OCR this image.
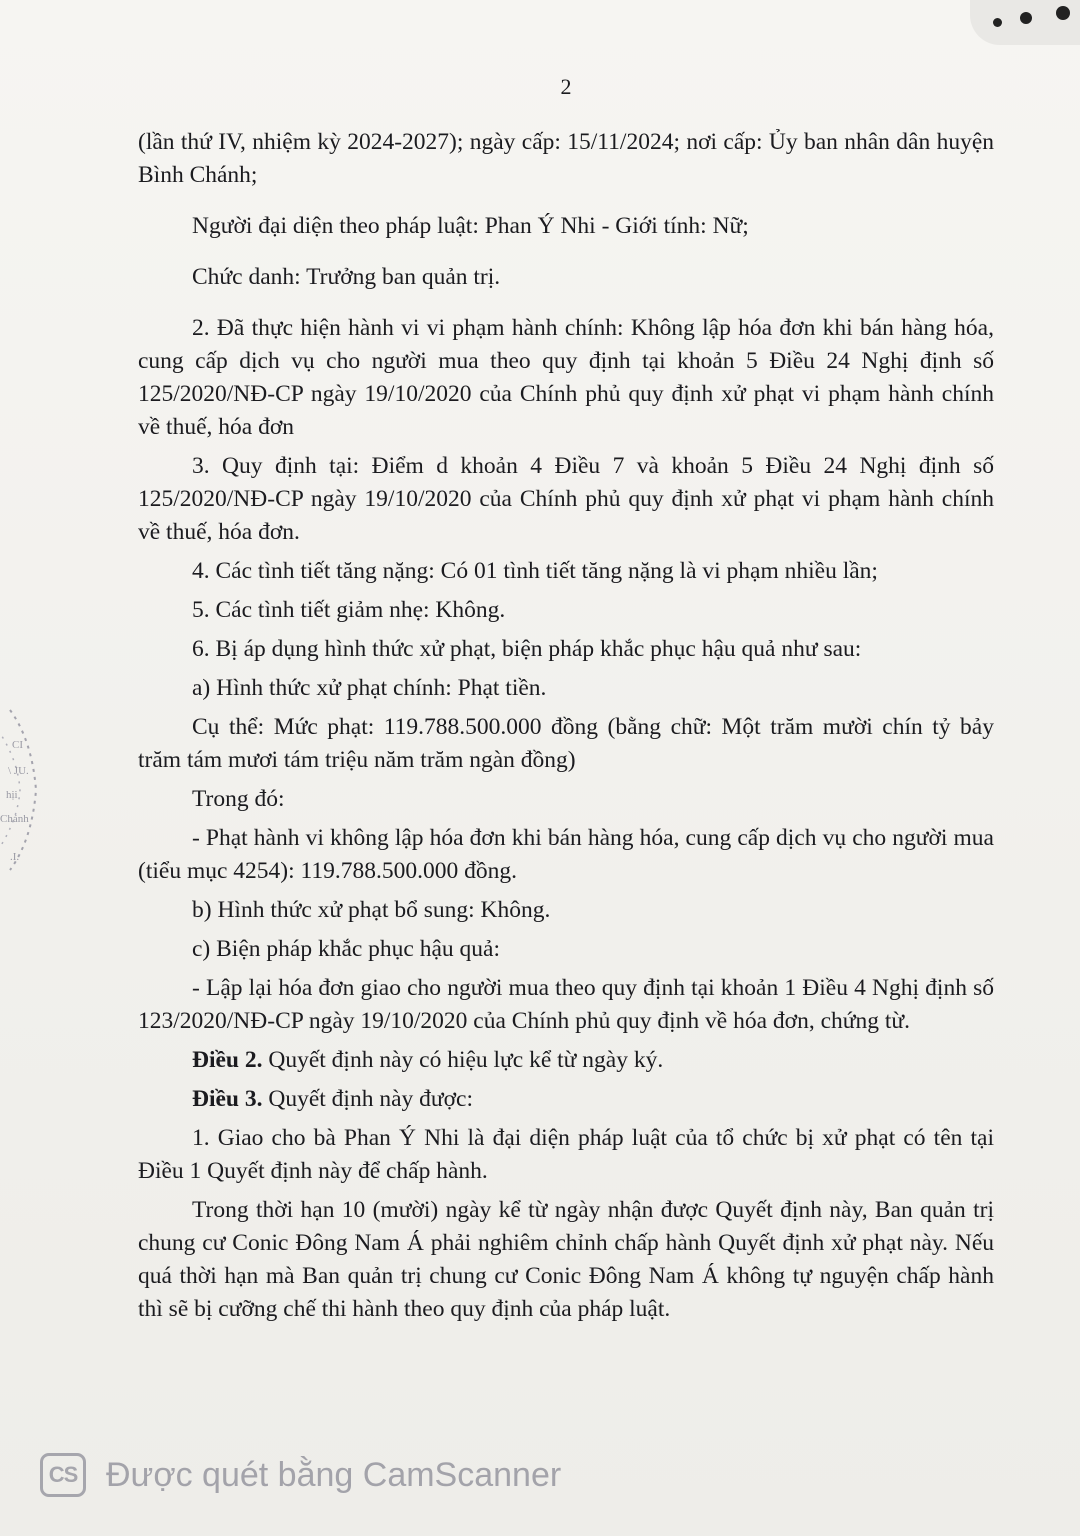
CI
\ JU.
hịi
Chánh
.I.
2

(lần thứ IV, nhiệm kỳ 2024-2027); ngày cấp: 15/11/2024; nơi cấp: Ủy ban nhân dân huyện Bình Chánh;

Người đại diện theo pháp luật: Phan Ý Nhi - Giới tính: Nữ;

Chức danh: Trưởng ban quản trị.

2. Đã thực hiện hành vi vi phạm hành chính: Không lập hóa đơn khi bán hàng hóa, cung cấp dịch vụ cho người mua theo quy định tại khoản 5 Điều 24 Nghị định số 125/2020/NĐ-CP ngày 19/10/2020 của Chính phủ quy định xử phạt vi phạm hành chính về thuế, hóa đơn

3. Quy định tại: Điểm d khoản 4 Điều 7 và khoản 5 Điều 24 Nghị định số 125/2020/NĐ-CP ngày 19/10/2020 của Chính phủ quy định xử phạt vi phạm hành chính về thuế, hóa đơn.

4. Các tình tiết tăng nặng: Có 01 tình tiết tăng nặng là vi phạm nhiều lần;

5. Các tình tiết giảm nhẹ: Không.

6. Bị áp dụng hình thức xử phạt, biện pháp khắc phục hậu quả như sau:

a) Hình thức xử phạt chính: Phạt tiền.

Cụ thể: Mức phạt: 119.788.500.000 đồng (bằng chữ: Một trăm mười chín tỷ bảy trăm tám mươi tám triệu năm trăm ngàn đồng)

Trong đó:

- Phạt hành vi không lập hóa đơn khi bán hàng hóa, cung cấp dịch vụ cho người mua (tiểu mục 4254): 119.788.500.000 đồng.

b) Hình thức xử phạt bổ sung: Không.

c) Biện pháp khắc phục hậu quả:

- Lập lại hóa đơn giao cho người mua theo quy định tại khoản 1 Điều 4 Nghị định số 123/2020/NĐ-CP ngày 19/10/2020 của Chính phủ quy định về hóa đơn, chứng từ.

Điều 2. Quyết định này có hiệu lực kể từ ngày ký.

Điều 3. Quyết định này được:

1. Giao cho bà Phan Ý Nhi là đại diện pháp luật của tổ chức bị xử phạt có tên tại Điều 1 Quyết định này để chấp hành.

Trong thời hạn 10 (mười) ngày kể từ ngày nhận được Quyết định này, Ban quản trị chung cư Conic Đông Nam Á phải nghiêm chỉnh chấp hành Quyết định xử phạt này. Nếu quá thời hạn mà Ban quản trị chung cư Conic Đông Nam Á không tự nguyện chấp hành thì sẽ bị cưỡng chế thi hành theo quy định của pháp luật.

CS Được quét bằng CamScanner
